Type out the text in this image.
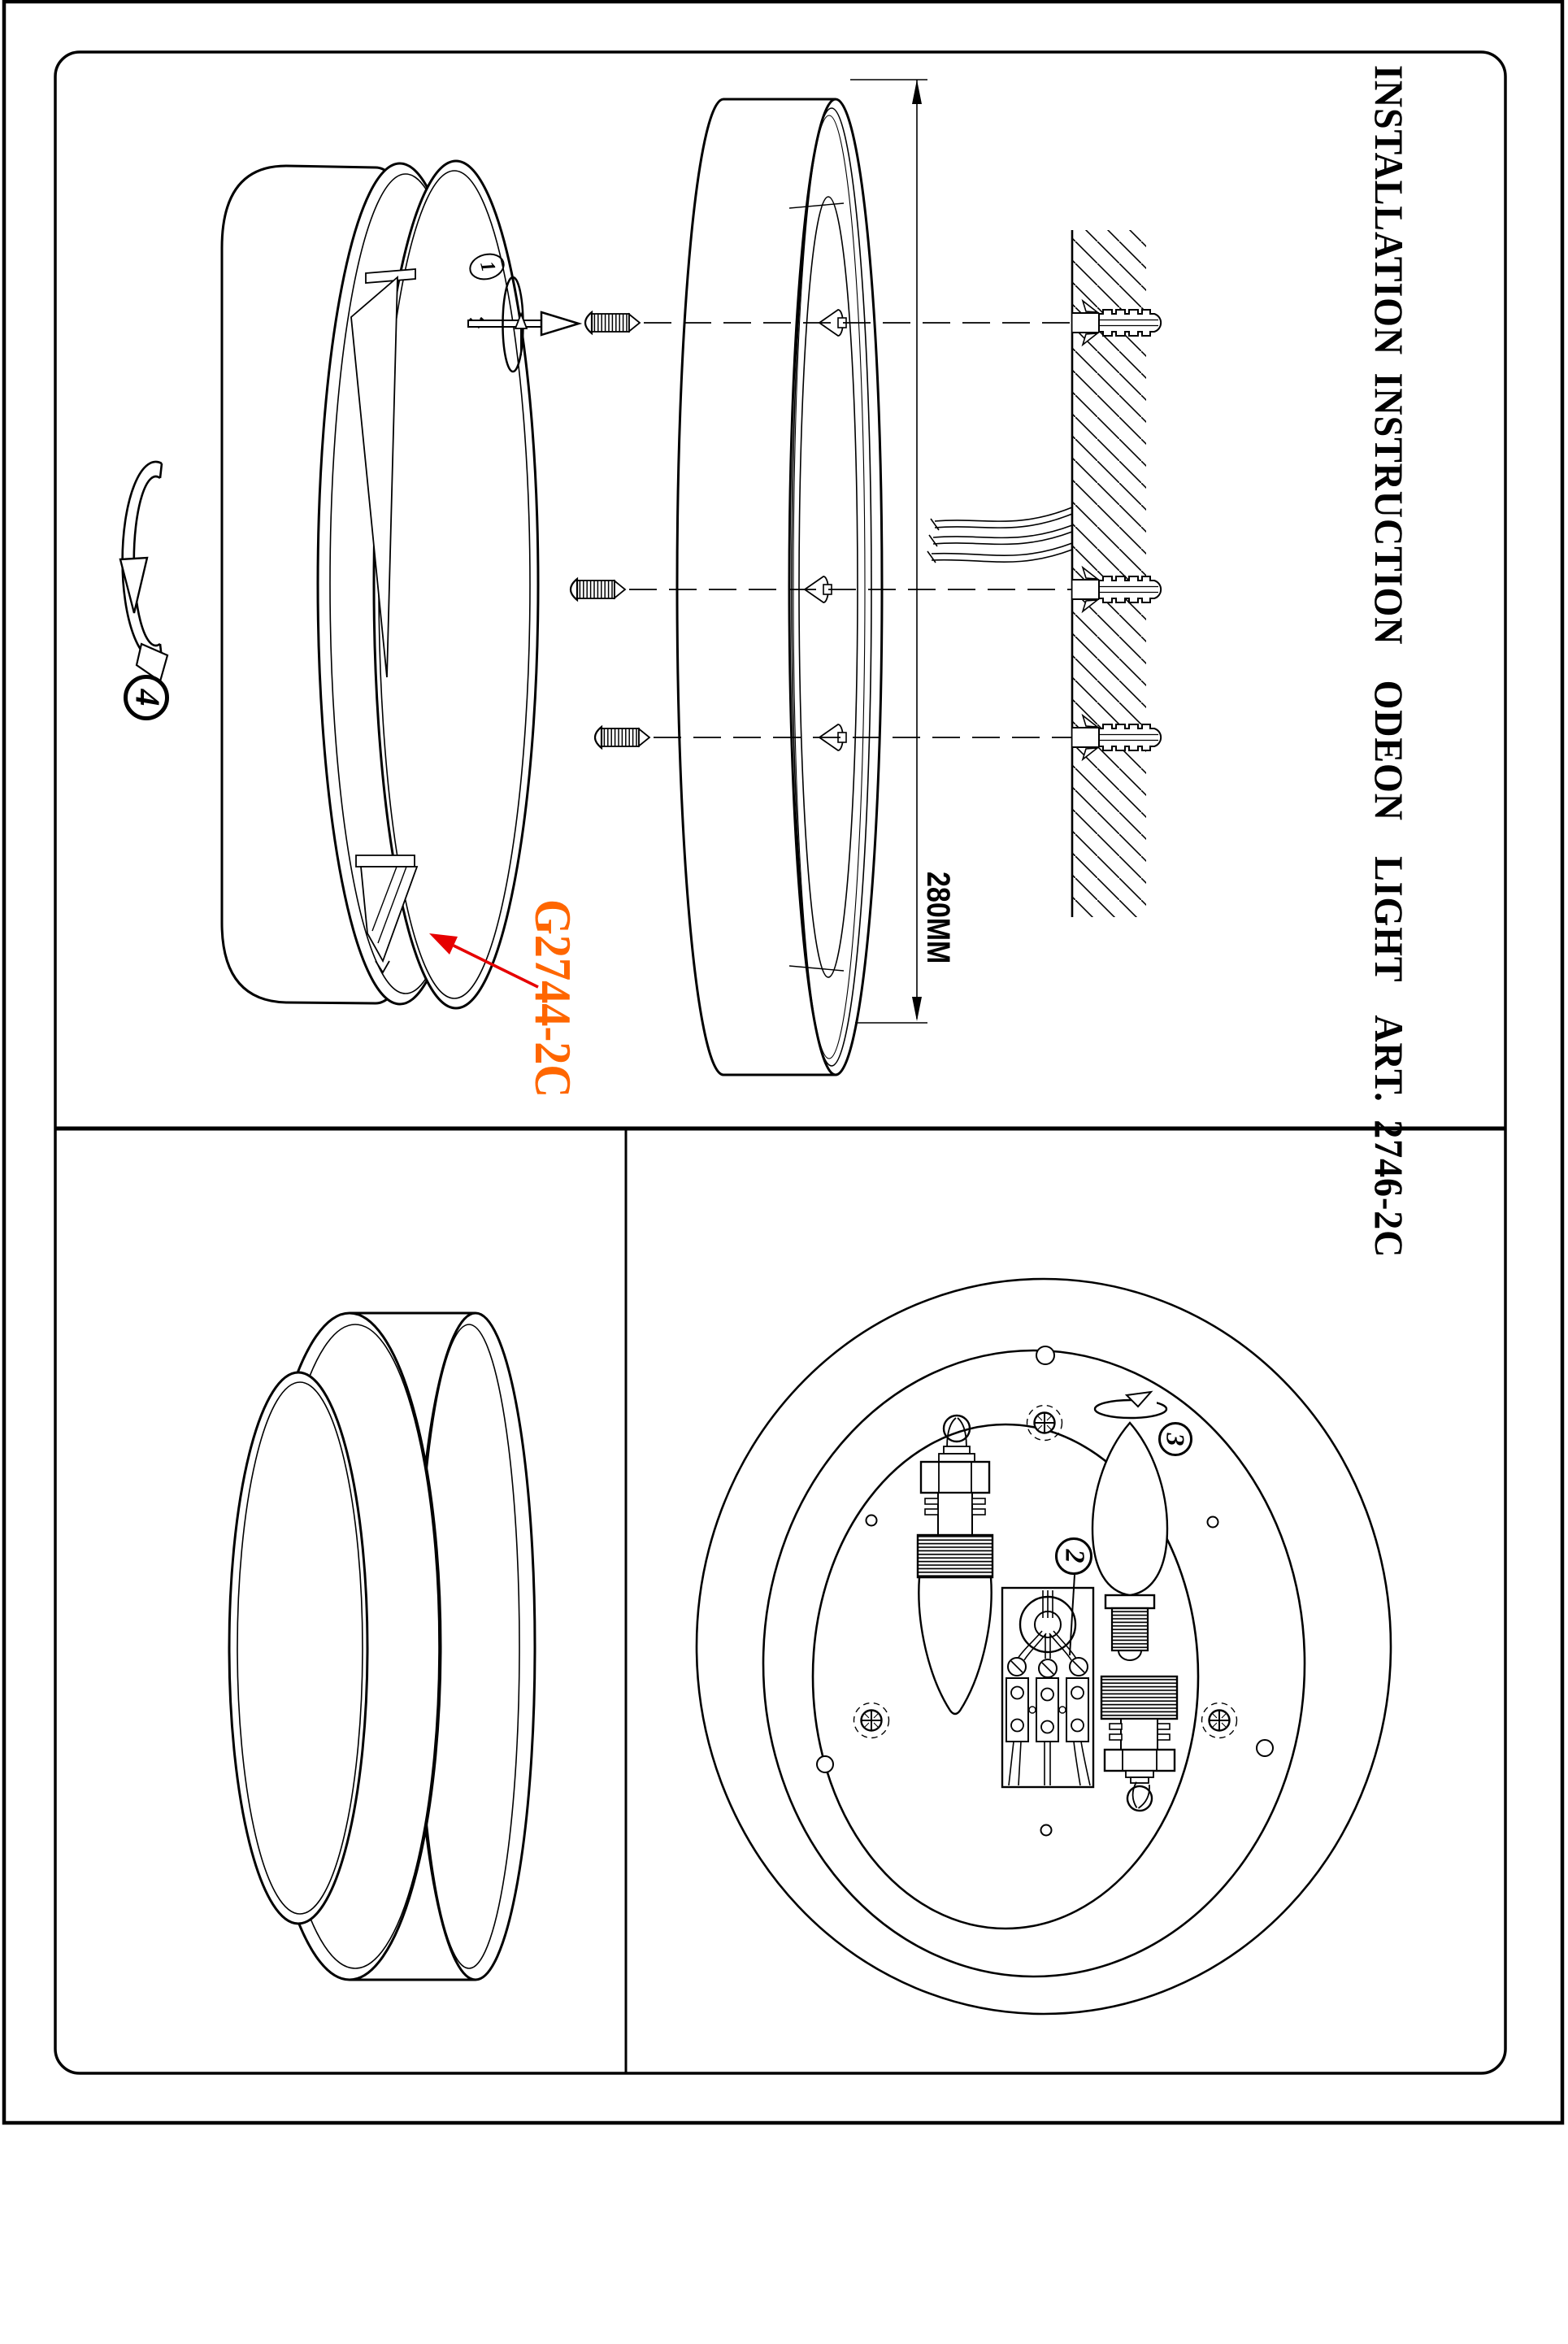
INSTALLATION INSTRUCTION  ODEON  LIGHT  ART. 2746-2C
280MM
G2744-2C
1
4
2
3
